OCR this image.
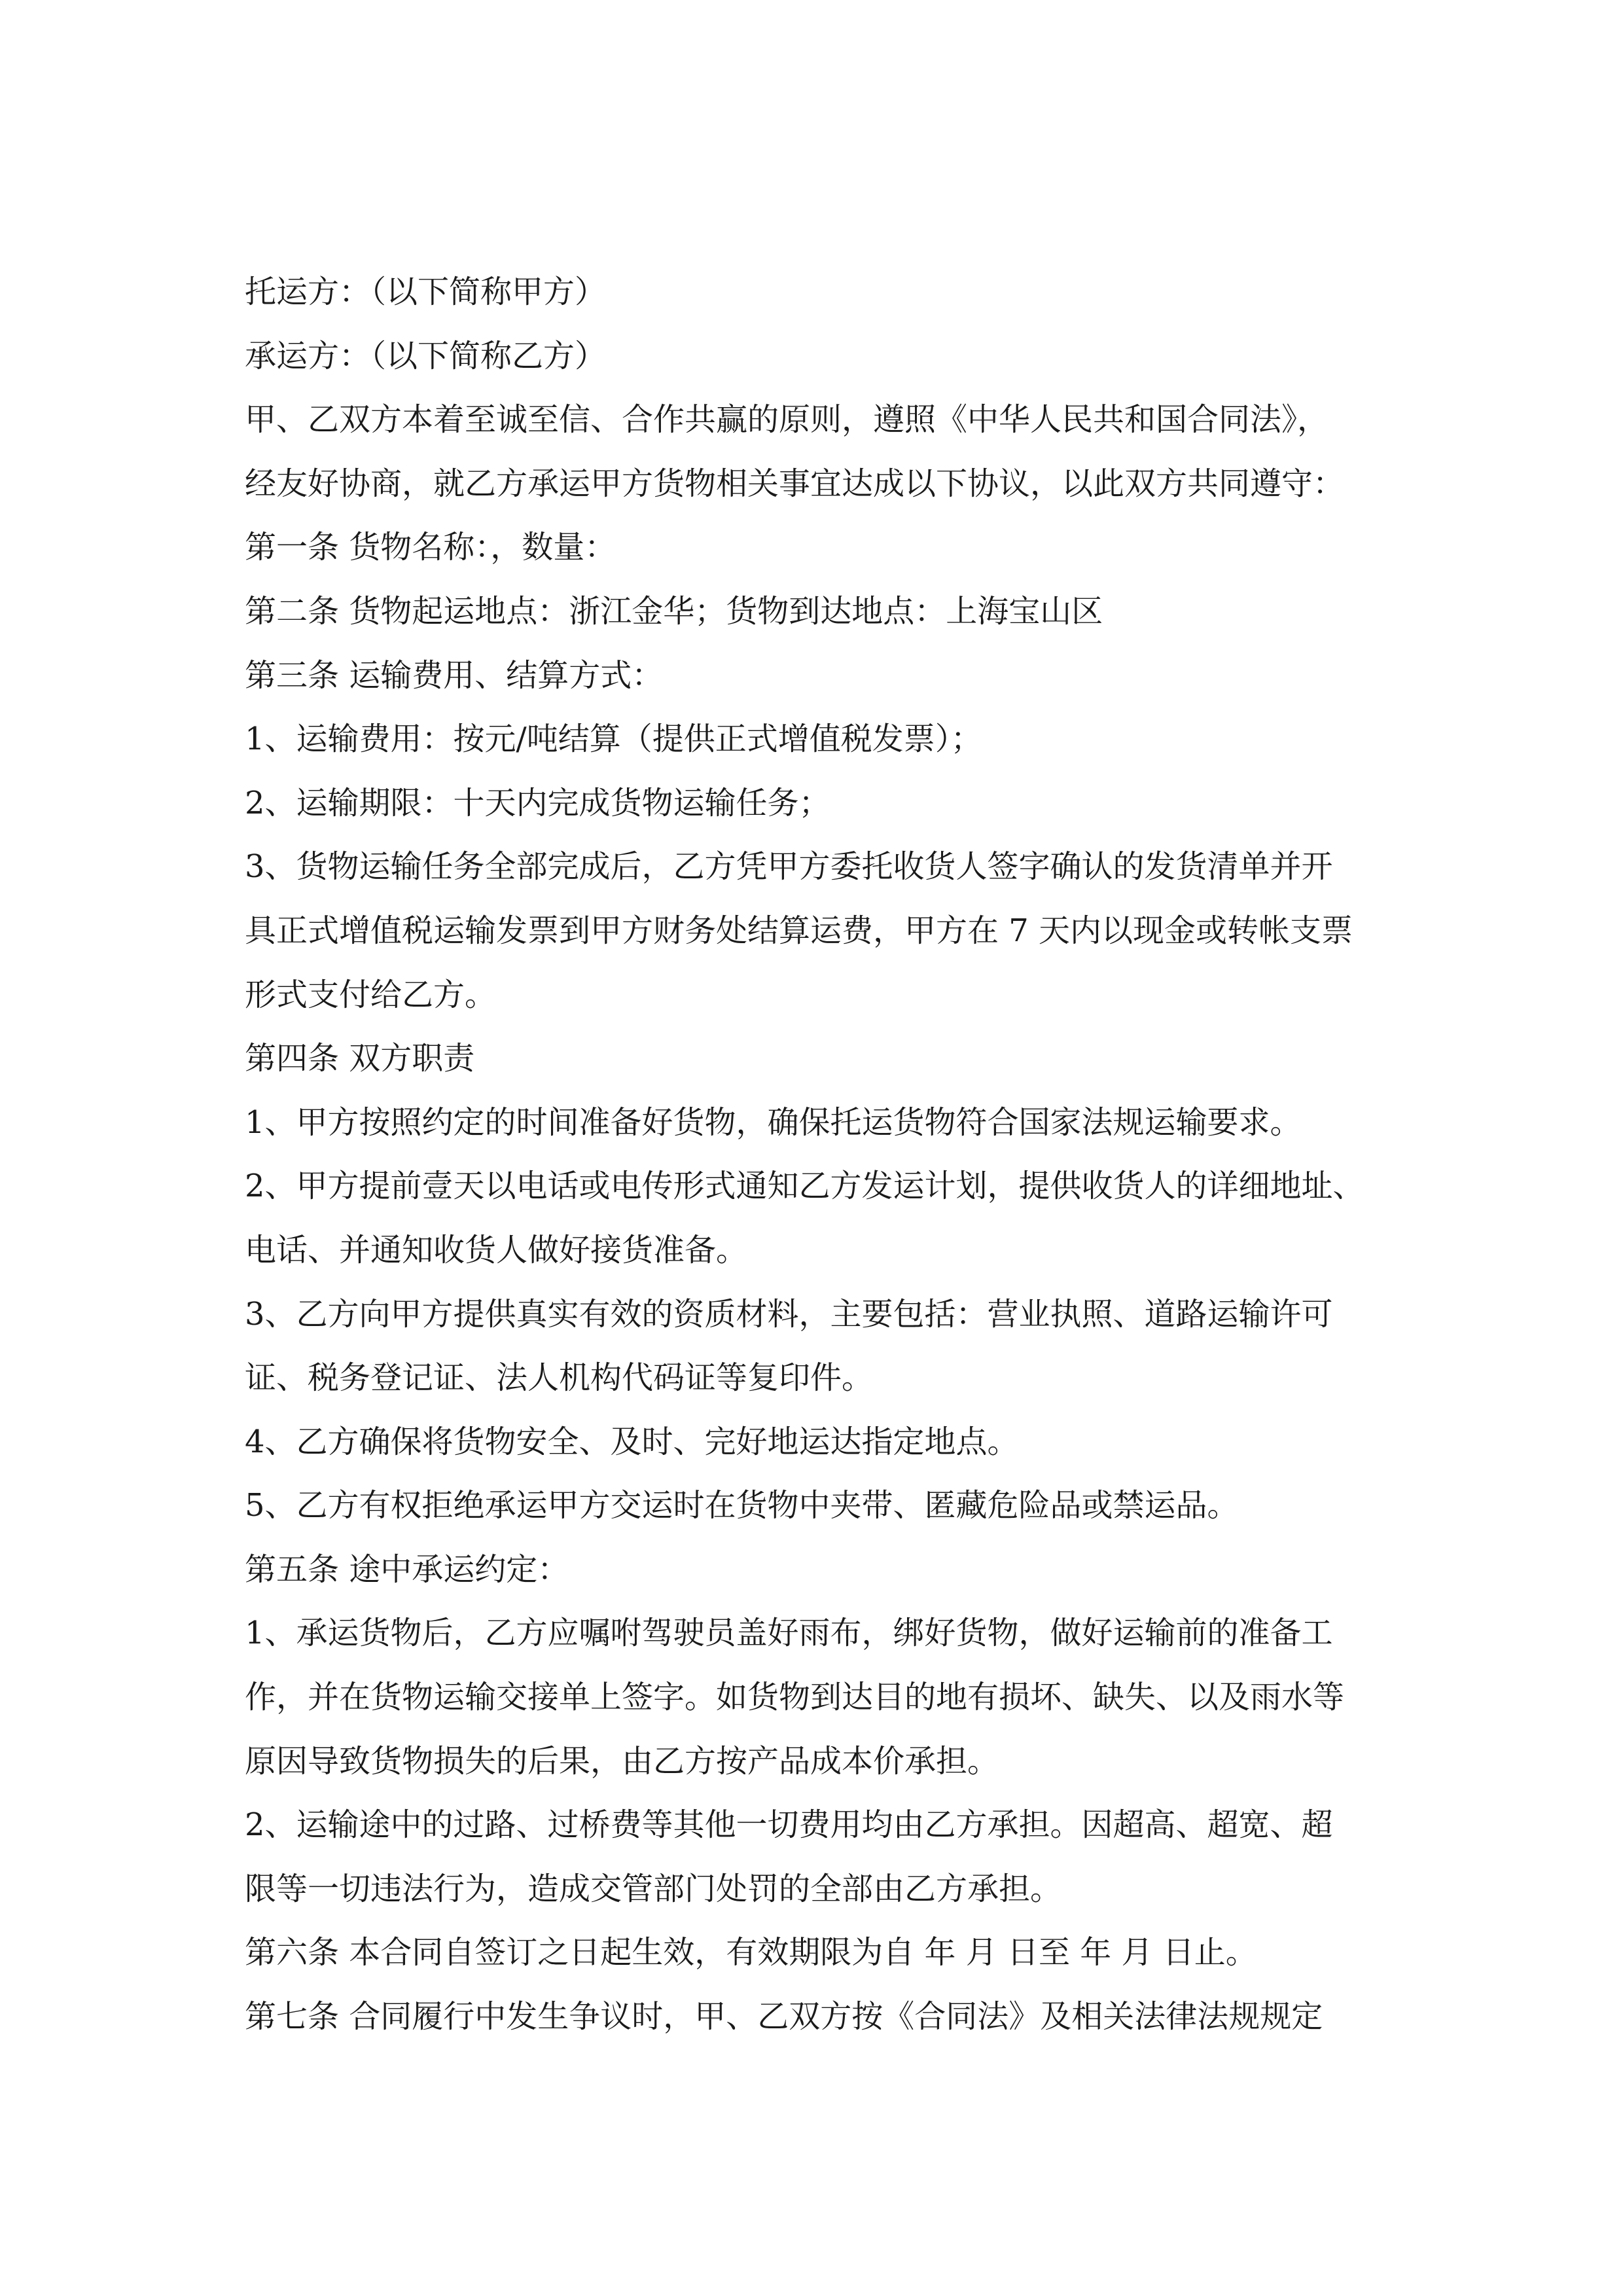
托运方：（以下简称甲方）
承运方：（以下简称乙方）
甲、乙双方本着至诚至信、合作共赢的原则，遵照《中华人民共和国合同法》，
经友好协商，就乙方承运甲方货物相关事宜达成以下协议，以此双方共同遵守：
第一条 货物名称：，数量：
第二条 货物起运地点：浙江金华；货物到达地点：上海宝山区
第三条 运输费用、结算方式：
1、运输费用：按元/吨结算（提供正式增值税发票）；
2、运输期限：十天内完成货物运输任务；
3、货物运输任务全部完成后，乙方凭甲方委托收货人签字确认的发货清单并开
具正式增值税运输发票到甲方财务处结算运费，甲方在 7 天内以现金或转帐支票
形式支付给乙方。
第四条 双方职责
1、甲方按照约定的时间准备好货物，确保托运货物符合国家法规运输要求。
2、甲方提前壹天以电话或电传形式通知乙方发运计划，提供收货人的详细地址、
电话、并通知收货人做好接货准备。
3、乙方向甲方提供真实有效的资质材料，主要包括：营业执照、道路运输许可
证、税务登记证、法人机构代码证等复印件。
4、乙方确保将货物安全、及时、完好地运达指定地点。
5、乙方有权拒绝承运甲方交运时在货物中夹带、匿藏危险品或禁运品。
第五条 途中承运约定：
1、承运货物后，乙方应嘱咐驾驶员盖好雨布，绑好货物，做好运输前的准备工
作，并在货物运输交接单上签字。如货物到达目的地有损坏、缺失、以及雨水等
原因导致货物损失的后果，由乙方按产品成本价承担。
2、运输途中的过路、过桥费等其他一切费用均由乙方承担。因超高、超宽、超
限等一切违法行为，造成交管部门处罚的全部由乙方承担。
第六条 本合同自签订之日起生效，有效期限为自 年 月 日至 年 月 日止。
第七条 合同履行中发生争议时，甲、乙双方按《合同法》及相关法律法规规定
